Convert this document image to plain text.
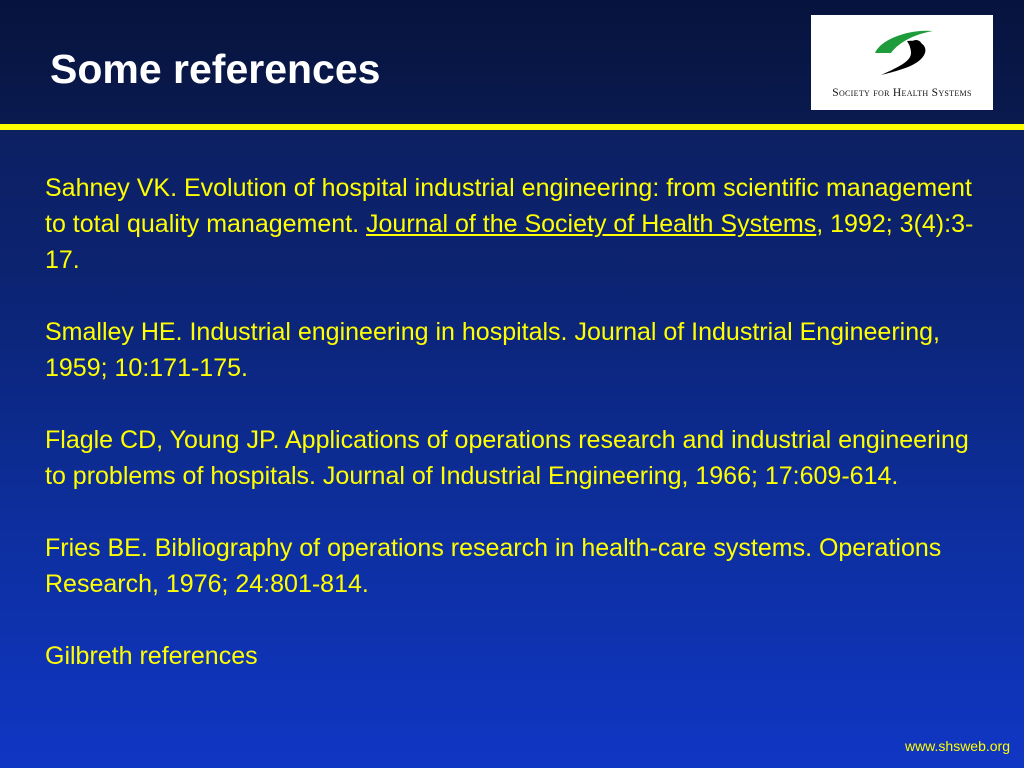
Some references
Society for Health Systems

Sahney VK. Evolution of hospital industrial engineering: from scientific management to total quality management. Journal of the Society of Health Systems, 1992; 3(4):3-17.

Smalley HE. Industrial engineering in hospitals. Journal of Industrial Engineering, 1959; 10:171-175.

Flagle CD, Young JP. Applications of operations research and industrial engineering to problems of hospitals. Journal of Industrial Engineering, 1966; 17:609-614.

Fries BE. Bibliography of operations research in health-care systems. Operations Research, 1976; 24:801-814.

Gilbreth references

www.shsweb.org
